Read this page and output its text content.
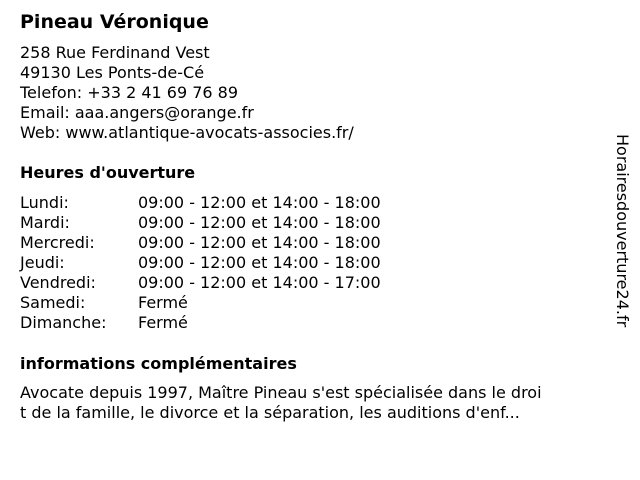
Pineau Véronique
258 Rue Ferdinand Vest
49130 Les Ponts-de-Cé
Telefon: +33 2 41 69 76 89
Email: aaa.angers@orange.fr
Web: www.atlantique-avocats-associes.fr/
Heures d'ouverture
Lundi:	09:00 - 12:00 et 14:00 - 18:00
Mardi:	09:00 - 12:00 et 14:00 - 18:00
Mercredi:	09:00 - 12:00 et 14:00 - 18:00
Jeudi:	09:00 - 12:00 et 14:00 - 18:00
Vendredi:	09:00 - 12:00 et 14:00 - 17:00
Samedi:	Fermé
Dimanche:	Fermé
informations complémentaires
Avocate depuis 1997, Maître Pineau s'est spécialisée dans le droi
t de la famille, le divorce et la séparation, les auditions d'enf...
Horairesdouverture24.fr
